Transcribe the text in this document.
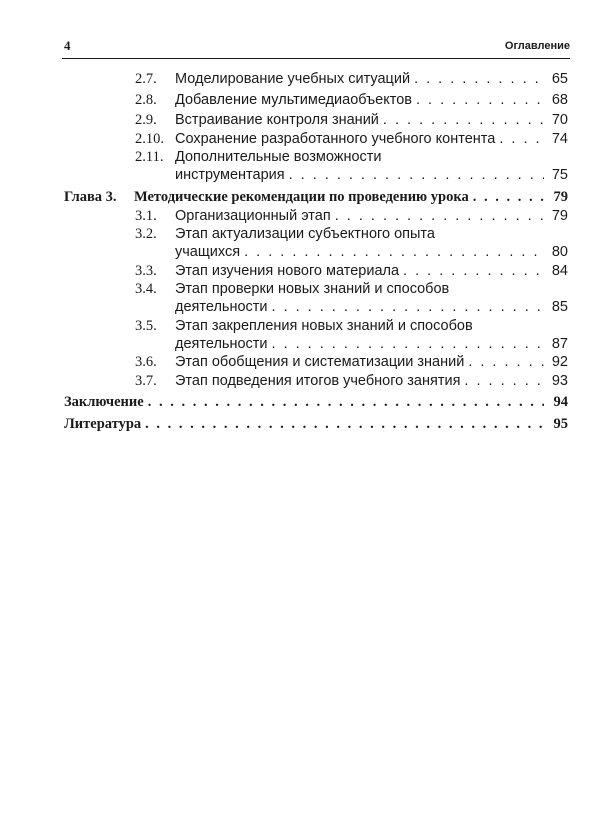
4	Оглавление
2.7. Моделирование учебных ситуаций . . .	65
2.8. Добавление мультимедиаобъектов . . .	68
2.9. Встраивание контроля знаний . . .	70
2.10. Сохранение разработанного учебного контента . . .	74
2.11. Дополнительные возможности
инструментария . . .	75
Глава 3. Методические рекомендации по проведению урока . . .	79
3.1. Организационный этап . . .	79
3.2. Этап актуализации субъектного опыта
учащихся . . .	80
3.3. Этап изучения нового материала . . .	84
3.4. Этап проверки новых знаний и способов
деятельности . . .	85
3.5. Этап закрепления новых знаний и способов
деятельности . . .	87
3.6. Этап обобщения и систематизации знаний . . .	92
3.7. Этап подведения итогов учебного занятия . . .	93
Заключение . . .	94
Литература . . .	95
